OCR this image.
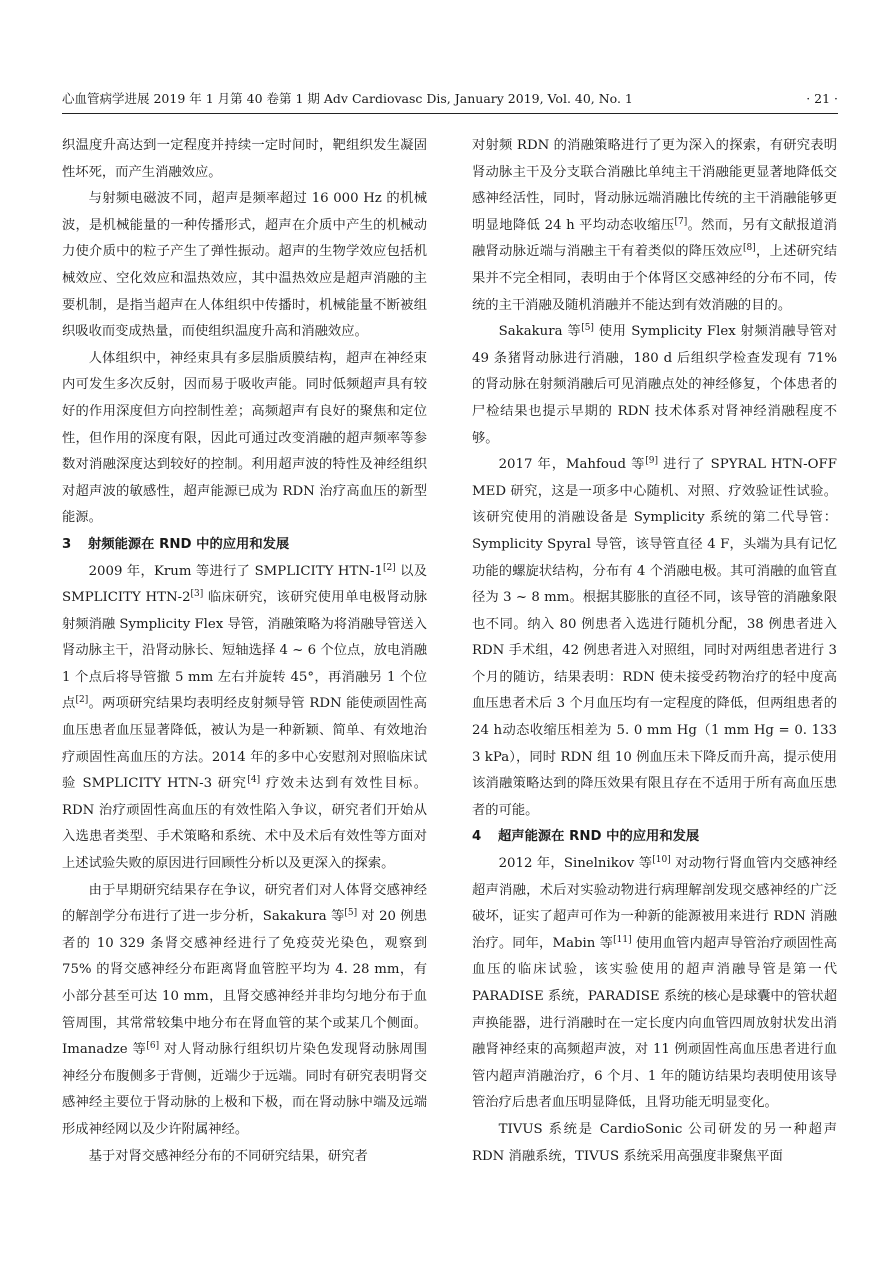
心血管病学进展 2019 年 1 月第 40 卷第 1 期 Adv Cardiovasc Dis, January 2019, Vol. 40, No. 1	· 21 ·

织温度升高达到一定程度并持续一定时间时，靶组织发生凝固性坏死，而产生消融效应。

与射频电磁波不同，超声是频率超过 16 000 Hz 的机械波，是机械能量的一种传播形式，超声在介质中产生的机械动力使介质中的粒子产生了弹性振动。超声的生物学效应包括机械效应、空化效应和温热效应，其中温热效应是超声消融的主要机制，是指当超声在人体组织中传播时，机械能量不断被组织吸收而变成热量，而使组织温度升高和消融效应。

人体组织中，神经束具有多层脂质膜结构，超声在神经束内可发生多次反射，因而易于吸收声能。同时低频超声具有较好的作用深度但方向控制性差；高频超声有良好的聚焦和定位性，但作用的深度有限，因此可通过改变消融的超声频率等参数对消融深度达到较好的控制。利用超声波的特性及神经组织对超声波的敏感性，超声能源已成为 RDN 治疗高血压的新型能源。

3 射频能源在 RND 中的应用和发展

2009 年，Krum 等进行了 SMPLICITY HTN-1[2] 以及 SMPLICITY HTN-2[3] 临床研究，该研究使用单电极肾动脉射频消融 Symplicity Flex 导管，消融策略为将消融导管送入肾动脉主干，沿肾动脉长、短轴选择 4 ~ 6 个位点，放电消融 1 个点后将导管撤 5 mm 左右并旋转 45°，再消融另 1 个位点[2]。两项研究结果均表明经皮射频导管 RDN 能使顽固性高血压患者血压显著降低，被认为是一种新颖、简单、有效地治疗顽固性高血压的方法。2014 年的多中心安慰剂对照临床试验 SMPLICITY HTN-3 研究[4] 疗效未达到有效性目标。RDN 治疗顽固性高血压的有效性陷入争议，研究者们开始从入选患者类型、手术策略和系统、术中及术后有效性等方面对上述试验失败的原因进行回顾性分析以及更深入的探索。

由于早期研究结果存在争议，研究者们对人体肾交感神经的解剖学分布进行了进一步分析，Sakakura 等[5] 对 20 例患者的 10 329 条肾交感神经进行了免疫荧光染色，观察到 75% 的肾交感神经分布距离肾血管腔平均为 4. 28 mm，有小部分甚至可达 10 mm，且肾交感神经并非均匀地分布于血管周围，其常常较集中地分布在肾血管的某个或某几个侧面。Imanadze 等[6] 对人肾动脉行组织切片染色发现肾动脉周围神经分布腹侧多于背侧，近端少于远端。同时有研究表明肾交感神经主要位于肾动脉的上极和下极，而在肾动脉中端及远端形成神经网以及少许附属神经。

基于对肾交感神经分布的不同研究结果，研究者

对射频 RDN 的消融策略进行了更为深入的探索，有研究表明肾动脉主干及分支联合消融比单纯主干消融能更显著地降低交感神经活性，同时，肾动脉远端消融比传统的主干消融能够更明显地降低 24 h 平均动态收缩压[7]。然而，另有文献报道消融肾动脉近端与消融主干有着类似的降压效应[8]，上述研究结果并不完全相同，表明由于个体肾区交感神经的分布不同，传统的主干消融及随机消融并不能达到有效消融的目的。

Sakakura 等[5] 使用 Symplicity Flex 射频消融导管对 49 条猪肾动脉进行消融，180 d 后组织学检查发现有 71% 的肾动脉在射频消融后可见消融点处的神经修复，个体患者的尸检结果也提示早期的 RDN 技术体系对肾神经消融程度不够。

2017 年，Mahfoud 等[9] 进行了 SPYRAL HTN-OFF MED 研究，这是一项多中心随机、对照、疗效验证性试验。该研究使用的消融设备是 Symplicity 系统的第二代导管：Symplicity Spyral 导管，该导管直径 4 F，头端为具有记忆功能的螺旋状结构，分布有 4 个消融电极。其可消融的血管直径为 3 ~ 8 mm。根据其膨胀的直径不同，该导管的消融象限也不同。纳入 80 例患者入选进行随机分配，38 例患者进入 RDN 手术组，42 例患者进入对照组，同时对两组患者进行 3 个月的随访，结果表明：RDN 使未接受药物治疗的轻中度高血压患者术后 3 个月血压均有一定程度的降低，但两组患者的 24 h动态收缩压相差为 5. 0 mm Hg（1 mm Hg = 0. 133 3 kPa），同时 RDN 组 10 例血压未下降反而升高，提示使用该消融策略达到的降压效果有限且存在不适用于所有高血压患者的可能。

4 超声能源在 RND 中的应用和发展

2012 年，Sinelnikov 等[10] 对动物行肾血管内交感神经超声消融，术后对实验动物进行病理解剖发现交感神经的广泛破坏，证实了超声可作为一种新的能源被用来进行 RDN 消融治疗。同年，Mabin 等[11] 使用血管内超声导管治疗顽固性高血压的临床试验，该实验使用的超声消融导管是第一代 PARADISE 系统，PARADISE 系统的核心是球囊中的管状超声换能器，进行消融时在一定长度内向血管四周放射状发出消融肾神经束的高频超声波，对 11 例顽固性高血压患者进行血管内超声消融治疗，6 个月、1 年的随访结果均表明使用该导管治疗后患者血压明显降低，且肾功能无明显变化。

TIVUS 系统是 CardioSonic 公司研发的另一种超声 RDN 消融系统，TIVUS 系统采用高强度非聚焦平面
